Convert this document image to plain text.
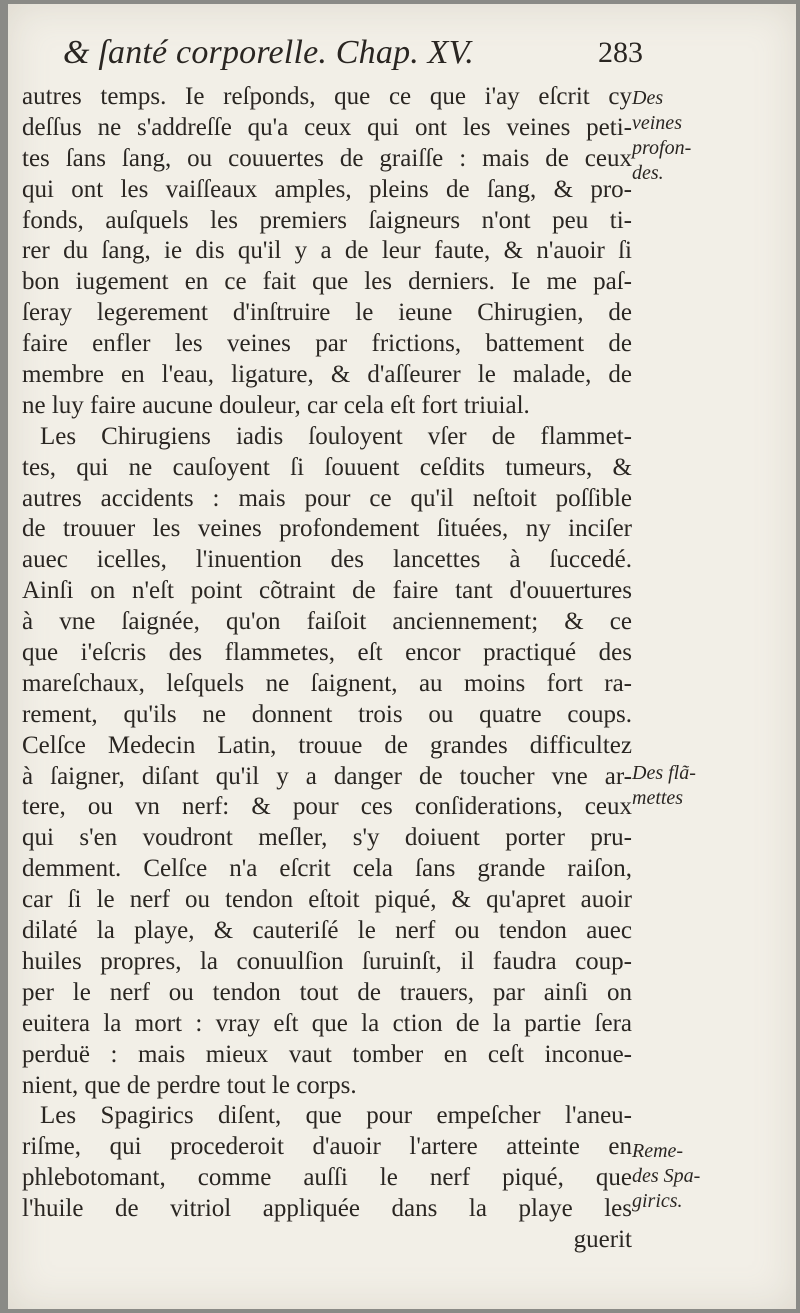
& ſanté corporelle. Chap. XV.	283
autres temps. Ie reſponds, que ce que i'ay eſcrit cy
deſſus ne s'addreſſe qu'a ceux qui ont les veines peti-
tes ſans ſang, ou couuertes de graiſſe : mais de ceux
qui ont les vaiſſeaux amples, pleins de ſang, & pro-
fonds, auſquels les premiers ſaigneurs n'ont peu ti-
rer du ſang, ie dis qu'il y a de leur faute, & n'auoir ſi
bon iugement en ce fait que les derniers. Ie me paſ-
ſeray legerement d'inſtruire le ieune Chirugien, de
faire enfler les veines par frictions, battement de
membre en l'eau, ligature, & d'aſſeurer le malade, de
ne luy faire aucune douleur, car cela eſt fort triuial.
Les Chirugiens iadis ſouloyent vſer de flammet-
tes, qui ne cauſoyent ſi ſouuent ceſdits tumeurs, &
autres accidents : mais pour ce qu'il neſtoit poſſible
de trouuer les veines profondement ſituées, ny inciſer
auec icelles, l'inuention des lancettes à ſuccedé.
Ainſi on n'eſt point cõtraint de faire tant d'ouuertures
à vne ſaignée, qu'on faiſoit anciennement; & ce
que i'eſcris des flammetes, eſt encor practiqué des
mareſchaux, leſquels ne ſaignent, au moins fort ra-
rement, qu'ils ne donnent trois ou quatre coups.
Celſce Medecin Latin, trouue de grandes difficultez
à ſaigner, diſant qu'il y a danger de toucher vne ar-
tere, ou vn nerf: & pour ces conſiderations, ceux
qui s'en voudront meſler, s'y doiuent porter pru-
demment. Celſce n'a eſcrit cela ſans grande raiſon,
car ſi le nerf ou tendon eſtoit piqué, & qu'apret auoir
dilaté la playe, & cauteriſé le nerf ou tendon auec
huiles propres, la conuulſion ſuruinſt, il faudra coup-
per le nerf ou tendon tout de trauers, par ainſi on
euitera la mort : vray eſt que la ction de la partie ſera
perduë : mais mieux vaut tomber en ceſt inconue-
nient, que de perdre tout le corps.
Les Spagirics diſent, que pour empeſcher l'aneu-
riſme, qui procederoit d'auoir l'artere atteinte en
phlebotomant, comme auſſi le nerf piqué, que
l'huile de vitriol appliquée dans la playe les
guerit
Des
veines
profon-
des.
Des flã-
mettes
Reme-
des Spa-
girics.
